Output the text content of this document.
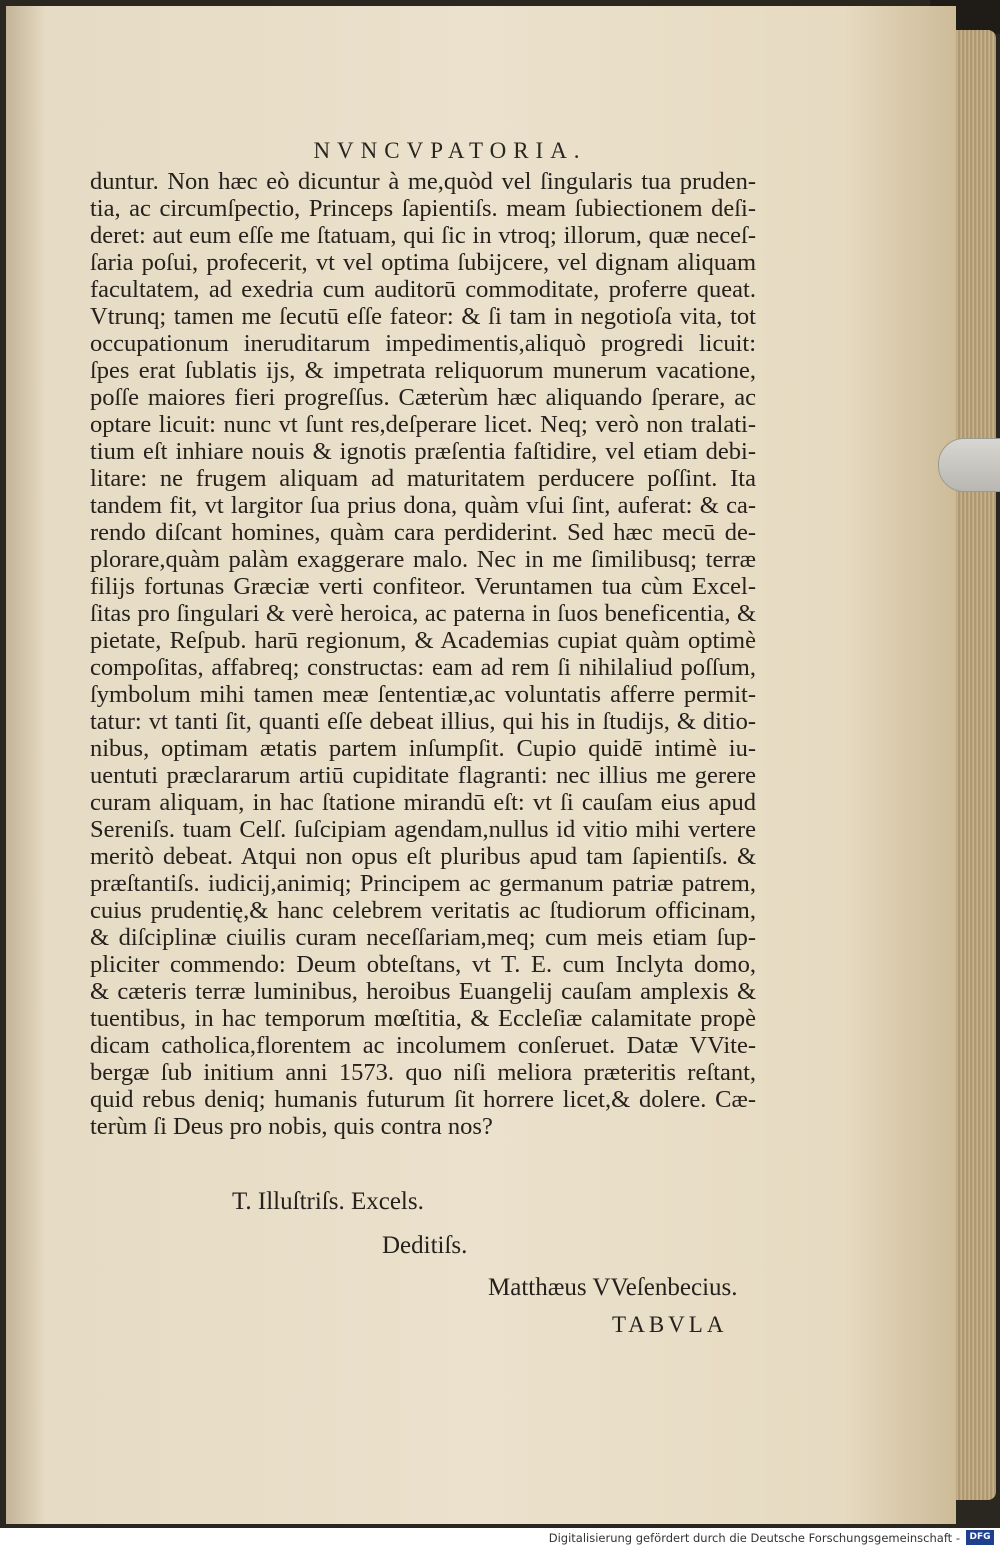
NVNCVPATORIA.
duntur. Non hæc eò dicuntur à me,quòd vel ſingularis tua pruden-
tia, ac circumſpectio, Princeps ſapientiſs. meam ſubiectionem deſi-
deret: aut eum eſſe me ſtatuam, qui ſic in vtroq; illorum, quæ neceſ-
ſaria poſui, profecerit, vt vel optima ſubijcere, vel dignam aliquam
facultatem, ad exedria cum auditorū commoditate, proferre queat.
Vtrunq; tamen me ſecutū eſſe fateor: & ſi tam in negotioſa vita, tot
occupationum ineruditarum impedimentis,aliquò progredi licuit:
ſpes erat ſublatis ijs, & impetrata reliquorum munerum vacatione,
poſſe maiores fieri progreſſus. Cæterùm hæc aliquando ſperare, ac
optare licuit: nunc vt ſunt res,deſperare licet. Neq; verò non tralati-
tium eſt inhiare nouis & ignotis præſentia faſtidire, vel etiam debi-
litare: ne frugem aliquam ad maturitatem perducere poſſint. Ita
tandem fit, vt largitor ſua prius dona, quàm vſui ſint, auferat: & ca-
rendo diſcant homines, quàm cara perdiderint. Sed hæc mecū de-
plorare,quàm palàm exaggerare malo. Nec in me ſimilibusq; terræ
filijs fortunas Græciæ verti confiteor. Veruntamen tua cùm Excel-
ſitas pro ſingulari & verè heroica, ac paterna in ſuos beneficentia, &
pietate, Reſpub. harū regionum, & Academias cupiat quàm optimè
compoſitas, affabreq; constructas: eam ad rem ſi nihilaliud poſſum,
ſymbolum mihi tamen meæ ſententiæ,ac voluntatis afferre permit-
tatur: vt tanti ſit, quanti eſſe debeat illius, qui his in ſtudijs, & ditio-
nibus, optimam ætatis partem inſumpſit. Cupio quidē intimè iu-
uentuti præclararum artiū cupiditate flagranti: nec illius me gerere
curam aliquam, in hac ſtatione mirandū eſt: vt ſi cauſam eius apud
Sereniſs. tuam Celſ. ſuſcipiam agendam,nullus id vitio mihi vertere
meritò debeat. Atqui non opus eſt pluribus apud tam ſapientiſs. &
præſtantiſs. iudicij,animiq; Principem ac germanum patriæ patrem,
cuius prudentię,& hanc celebrem veritatis ac ſtudiorum officinam,
& diſciplinæ ciuilis curam neceſſariam,meq; cum meis etiam ſup-
pliciter commendo: Deum obteſtans, vt T. E. cum Inclyta domo,
& cæteris terræ luminibus, heroibus Euangelij cauſam amplexis &
tuentibus, in hac temporum mœſtitia, & Eccleſiæ calamitate propè
dicam catholica,florentem ac incolumem conſeruet. Datæ VVite-
bergæ ſub initium anni 1573. quo niſi meliora præteritis reſtant,
quid rebus deniq; humanis futurum ſit horrere licet,& dolere. Cæ-
terùm ſi Deus pro nobis, quis contra nos?
T. Illuſtriſs. Excels.
Deditiſs.
Matthæus VVeſenbecius.
TABVLA
Digitalisierung gefördert durch die Deutsche Forschungsgemeinschaft -	DFG
